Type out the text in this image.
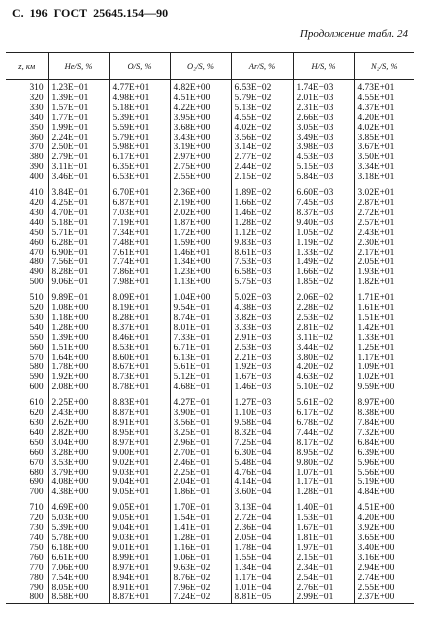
С. 196 ГОСТ 25645.154—90
Продолжение табл. 24
z, км	He/S, %	O/S, %	O₂/S, %	Ar/S, %	H/S, %	N₂/S, %
310	1.23E−01	4.77E+01	4.82E+00	6.53E−02	1.74E−03	4.73E+01
320	1.39E−01	4.98E+01	4.51E+00	5.79E−02	2.01E−03	4.55E+01
330	1.57E−01	5.18E+01	4.22E+00	5.13E−02	2.31E−03	4.37E+01
340	1.77E−01	5.39E+01	3.95E+00	4.55E−02	2.66E−03	4.20E+01
350	1.99E−01	5.59E+01	3.68E+00	4.02E−02	3.05E−03	4.02E+01
360	2.24E−01	5.79E+01	3.43E+00	3.56E−02	3.49E−03	3.85E+01
370	2.50E−01	5.98E+01	3.19E+00	3.14E−02	3.98E−03	3.67E+01
380	2.79E−01	6.17E+01	2.97E+00	2.77E−02	4.53E−03	3.50E+01
390	3.11E−01	6.35E+01	2.75E+00	2.44E−02	5.15E−03	3.34E+01
400	3.46E−01	6.53E+01	2.55E+00	2.15E−02	5.84E−03	3.18E+01
410	3.84E−01	6.70E+01	2.36E+00	1.89E−02	6.60E−03	3.02E+01
420	4.25E−01	6.87E+01	2.19E+00	1.66E−02	7.45E−03	2.87E+01
430	4.70E−01	7.03E+01	2.02E+00	1.46E−02	8.37E−03	2.72E+01
440	5.18E−01	7.19E+01	1.87E+00	1.28E−02	9.40E−03	2.57E+01
450	5.71E−01	7.34E+01	1.72E+00	1.12E−02	1.05E−02	2.43E+01
460	6.28E−01	7.48E+01	1.59E+00	9.83E−03	1.19E−02	2.30E+01
470	6.90E−01	7.61E+01	1.46E+01	8.61E−03	1.33E−02	2.17E+01
480	7.56E−01	7.74E+01	1.34E+00	7.53E−03	1.49E−02	2.05E+01
490	8.28E−01	7.86E+01	1.23E+00	6.58E−03	1.66E−02	1.93E+01
500	9.06E−01	7.98E+01	1.13E+00	5.75E−03	1.85E−02	1.82E+01
510	9.89E−01	8.09E+01	1.04E+00	5.02E−03	2.06E−02	1.71E+01
520	1.08E+00	8.19E+01	9.54E−01	4.38E−03	2.28E−02	1.61E+01
530	1.18E+00	8.28E+01	8.74E−01	3.82E−03	2.53E−02	1.51E+01
540	1.28E+00	8.37E+01	8.01E−01	3.33E−03	2.81E−02	1.42E+01
550	1.39E+00	8.46E+01	7.33E−01	2.91E−03	3.11E−02	1.33E+01
560	1.51E+00	8.53E+01	6.71E−01	2.53E−03	3.44E−02	1.25E+01
570	1.64E+00	8.60E+01	6.13E−01	2.21E−03	3.80E−02	1.17E+01
580	1.78E+00	8.67E+01	5.61E−01	1.92E−03	4.20E−02	1.09E+01
590	1.92E+00	8.73E+01	5.12E−01	1.67E−03	4.63E−02	1.02E+01
600	2.08E+00	8.78E+01	4.68E−01	1.46E−03	5.10E−02	9.59E+00
610	2.25E+00	8.83E+01	4.27E−01	1.27E−03	5.61E−02	8.97E+00
620	2.43E+00	8.87E+01	3.90E−01	1.10E−03	6.17E−02	8.38E+00
630	2.62E+00	8.91E+01	3.56E−01	9.58E−04	6.78E−02	7.84E+00
640	2.82E+00	8.95E+01	3.25E−01	8.32E−04	7.44E−02	7.32E+00
650	3.04E+00	8.97E+01	2.96E−01	7.25E−04	8.17E−02	6.84E+00
660	3.28E+00	9.00E+01	2.70E−01	6.30E−04	8.95E−02	6.39E+00
670	3.53E+00	9.02E+01	2.46E−01	5.48E−04	9.80E−02	5.96E+00
680	3.79E+00	9.03E+01	2.25E−01	4.76E−04	1.07E−01	5.56E+00
690	4.08E+00	9.04E+01	2.04E−01	4.14E−04	1.17E−01	5.19E+00
700	4.38E+00	9.05E+01	1.86E−01	3.60E−04	1.28E−01	4.84E+00
710	4.69E+00	9.05E+01	1.70E−01	3.13E−04	1.40E−01	4.51E+00
720	5.03E+00	9.05E+01	1.54E−01	2.72E−04	1.53E−01	4.20E+00
730	5.39E+00	9.04E+01	1.41E−01	2.36E−04	1.67E−01	3.92E+00
740	5.78E+00	9.03E+01	1.28E−01	2.05E−04	1.81E−01	3.65E+00
750	6.18E+00	9.01E+01	1.16E−01	1.78E−04	1.97E−01	3.40E+00
760	6.61E+00	8.99E+01	1.06E−01	1.55E−04	2.15E−01	3.16E+00
770	7.06E+00	8.97E+01	9.63E−02	1.34E−04	2.34E−01	2.94E+00
780	7.54E+00	8.94E+01	8.76E−02	1.17E−04	2.54E−01	2.74E+00
790	8.05E+00	8.91E+01	7.96E−02	1.01E−04	2.76E−01	2.55E+00
800	8.58E+00	8.87E+01	7.24E−02	8.81E−05	2.99E−01	2.37E+00
